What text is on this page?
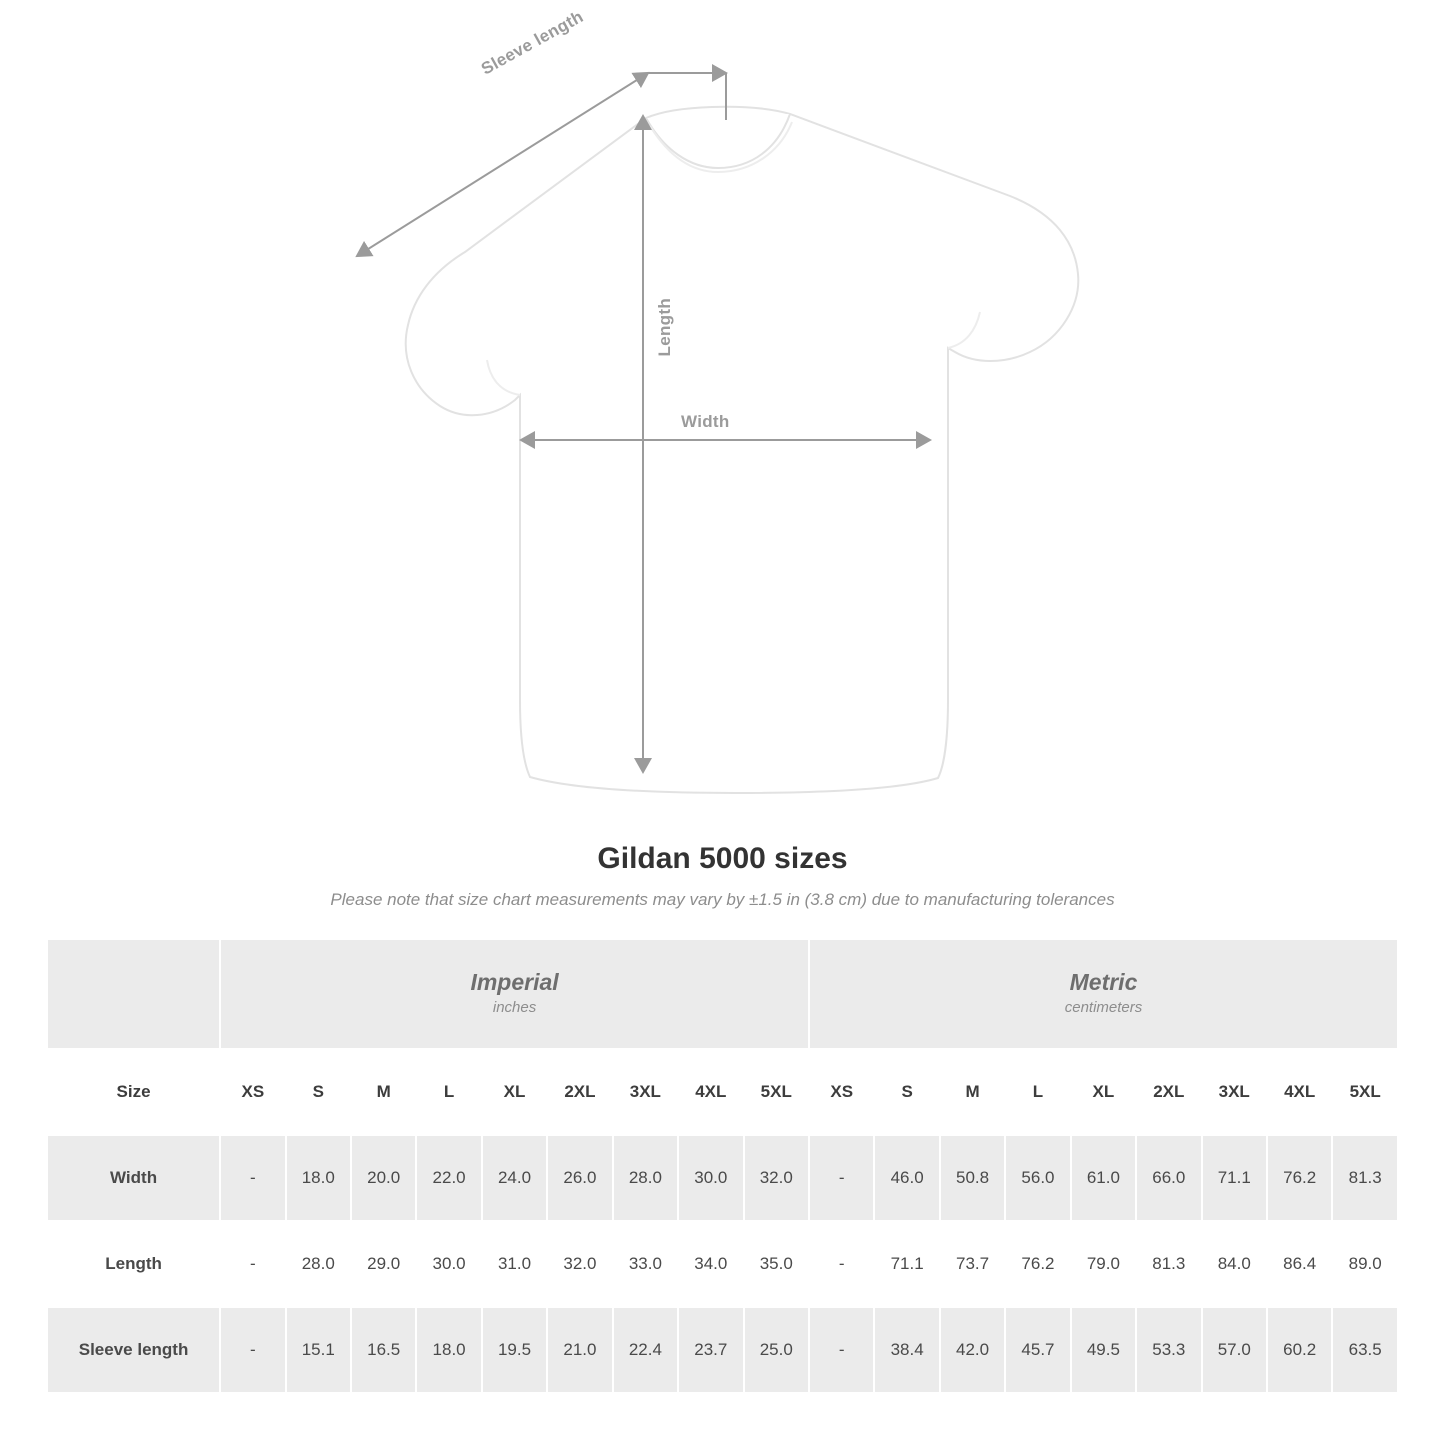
Sleeve length
Length
Width
Gildan 5000 sizes

Please note that size chart measurements may vary by ±1.5 in (3.8 cm) due to manufacturing tolerances

	Imperial
inches									Metric
centimeters								

Size	XS	S	M	L	XL	2XL	3XL	4XL	5XL	XS	S	M	L	XL	2XL	3XL	4XL	5XL
Width	-	18.0	20.0	22.0	24.0	26.0	28.0	30.0	32.0	-	46.0	50.8	56.0	61.0	66.0	71.1	76.2	81.3
Length	-	28.0	29.0	30.0	31.0	32.0	33.0	34.0	35.0	-	71.1	73.7	76.2	79.0	81.3	84.0	86.4	89.0
Sleeve length	-	15.1	16.5	18.0	19.5	21.0	22.4	23.7	25.0	-	38.4	42.0	45.7	49.5	53.3	57.0	60.2	63.5
